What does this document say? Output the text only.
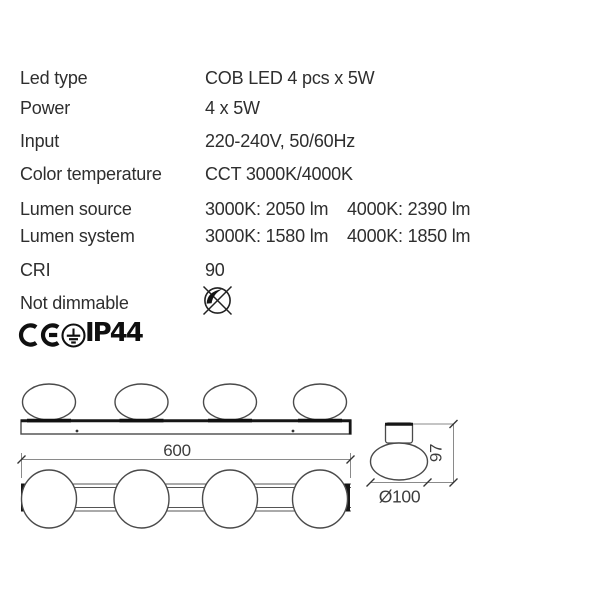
Led type	COB LED 4 pcs x 5W
Power	4 x 5W
Input	220-240V, 50/60Hz
Color temperature CCT 3000K/4000K
Lumen source	3000K: 2050 lm 4000K: 2390 lm
Lumen system	3000K: 1580 lm 4000K: 1850 lm
CRI	90
Not dimmable
IP44
600	97
Ø100
